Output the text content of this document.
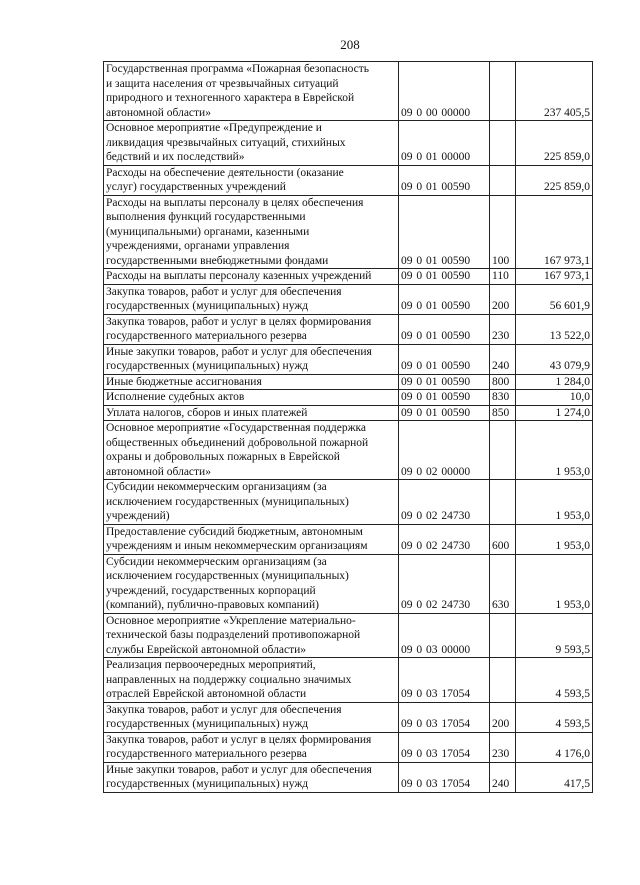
208
Государственная программа «Пожарная безопасность
и защита населения от чрезвычайных ситуаций
природного и техногенного характера в Еврейской
автономной области»	09 0 00 00000		237 405,5
Основное мероприятие «Предупреждение и
ликвидация чрезвычайных ситуаций, стихийных
бедствий и их последствий»	09 0 01 00000		225 859,0
Расходы на обеспечение деятельности (оказание
услуг) государственных учреждений	09 0 01 00590		225 859,0
Расходы на выплаты персоналу в целях обеспечения
выполнения функций государственными
(муниципальными) органами, казенными
учреждениями, органами управления
государственными внебюджетными фондами	09 0 01 00590	100	167 973,1
Расходы на выплаты персоналу казенных учреждений	09 0 01 00590	110	167 973,1
Закупка товаров, работ и услуг для обеспечения
государственных (муниципальных) нужд	09 0 01 00590	200	56 601,9
Закупка товаров, работ и услуг в целях формирования
государственного материального резерва	09 0 01 00590	230	13 522,0
Иные закупки товаров, работ и услуг для обеспечения
государственных (муниципальных) нужд	09 0 01 00590	240	43 079,9
Иные бюджетные ассигнования	09 0 01 00590	800	1 284,0
Исполнение судебных актов	09 0 01 00590	830	10,0
Уплата налогов, сборов и иных платежей	09 0 01 00590	850	1 274,0
Основное мероприятие «Государственная поддержка
общественных объединений добровольной пожарной
охраны и добровольных пожарных в Еврейской
автономной области»	09 0 02 00000		1 953,0
Субсидии некоммерческим организациям (за
исключением государственных (муниципальных)
учреждений)	09 0 02 24730		1 953,0
Предоставление субсидий бюджетным, автономным
учреждениям и иным некоммерческим организациям	09 0 02 24730	600	1 953,0
Субсидии некоммерческим организациям (за
исключением государственных (муниципальных)
учреждений, государственных корпораций
(компаний), публично-правовых компаний)	09 0 02 24730	630	1 953,0
Основное мероприятие «Укрепление материально-
технической базы подразделений противопожарной
службы Еврейской автономной области»	09 0 03 00000		9 593,5
Реализация первоочередных мероприятий,
направленных на поддержку социально значимых
отраслей Еврейской автономной области	09 0 03 17054		4 593,5
Закупка товаров, работ и услуг для обеспечения
государственных (муниципальных) нужд	09 0 03 17054	200	4 593,5
Закупка товаров, работ и услуг в целях формирования
государственного материального резерва	09 0 03 17054	230	4 176,0
Иные закупки товаров, работ и услуг для обеспечения
государственных (муниципальных) нужд	09 0 03 17054	240	417,5
